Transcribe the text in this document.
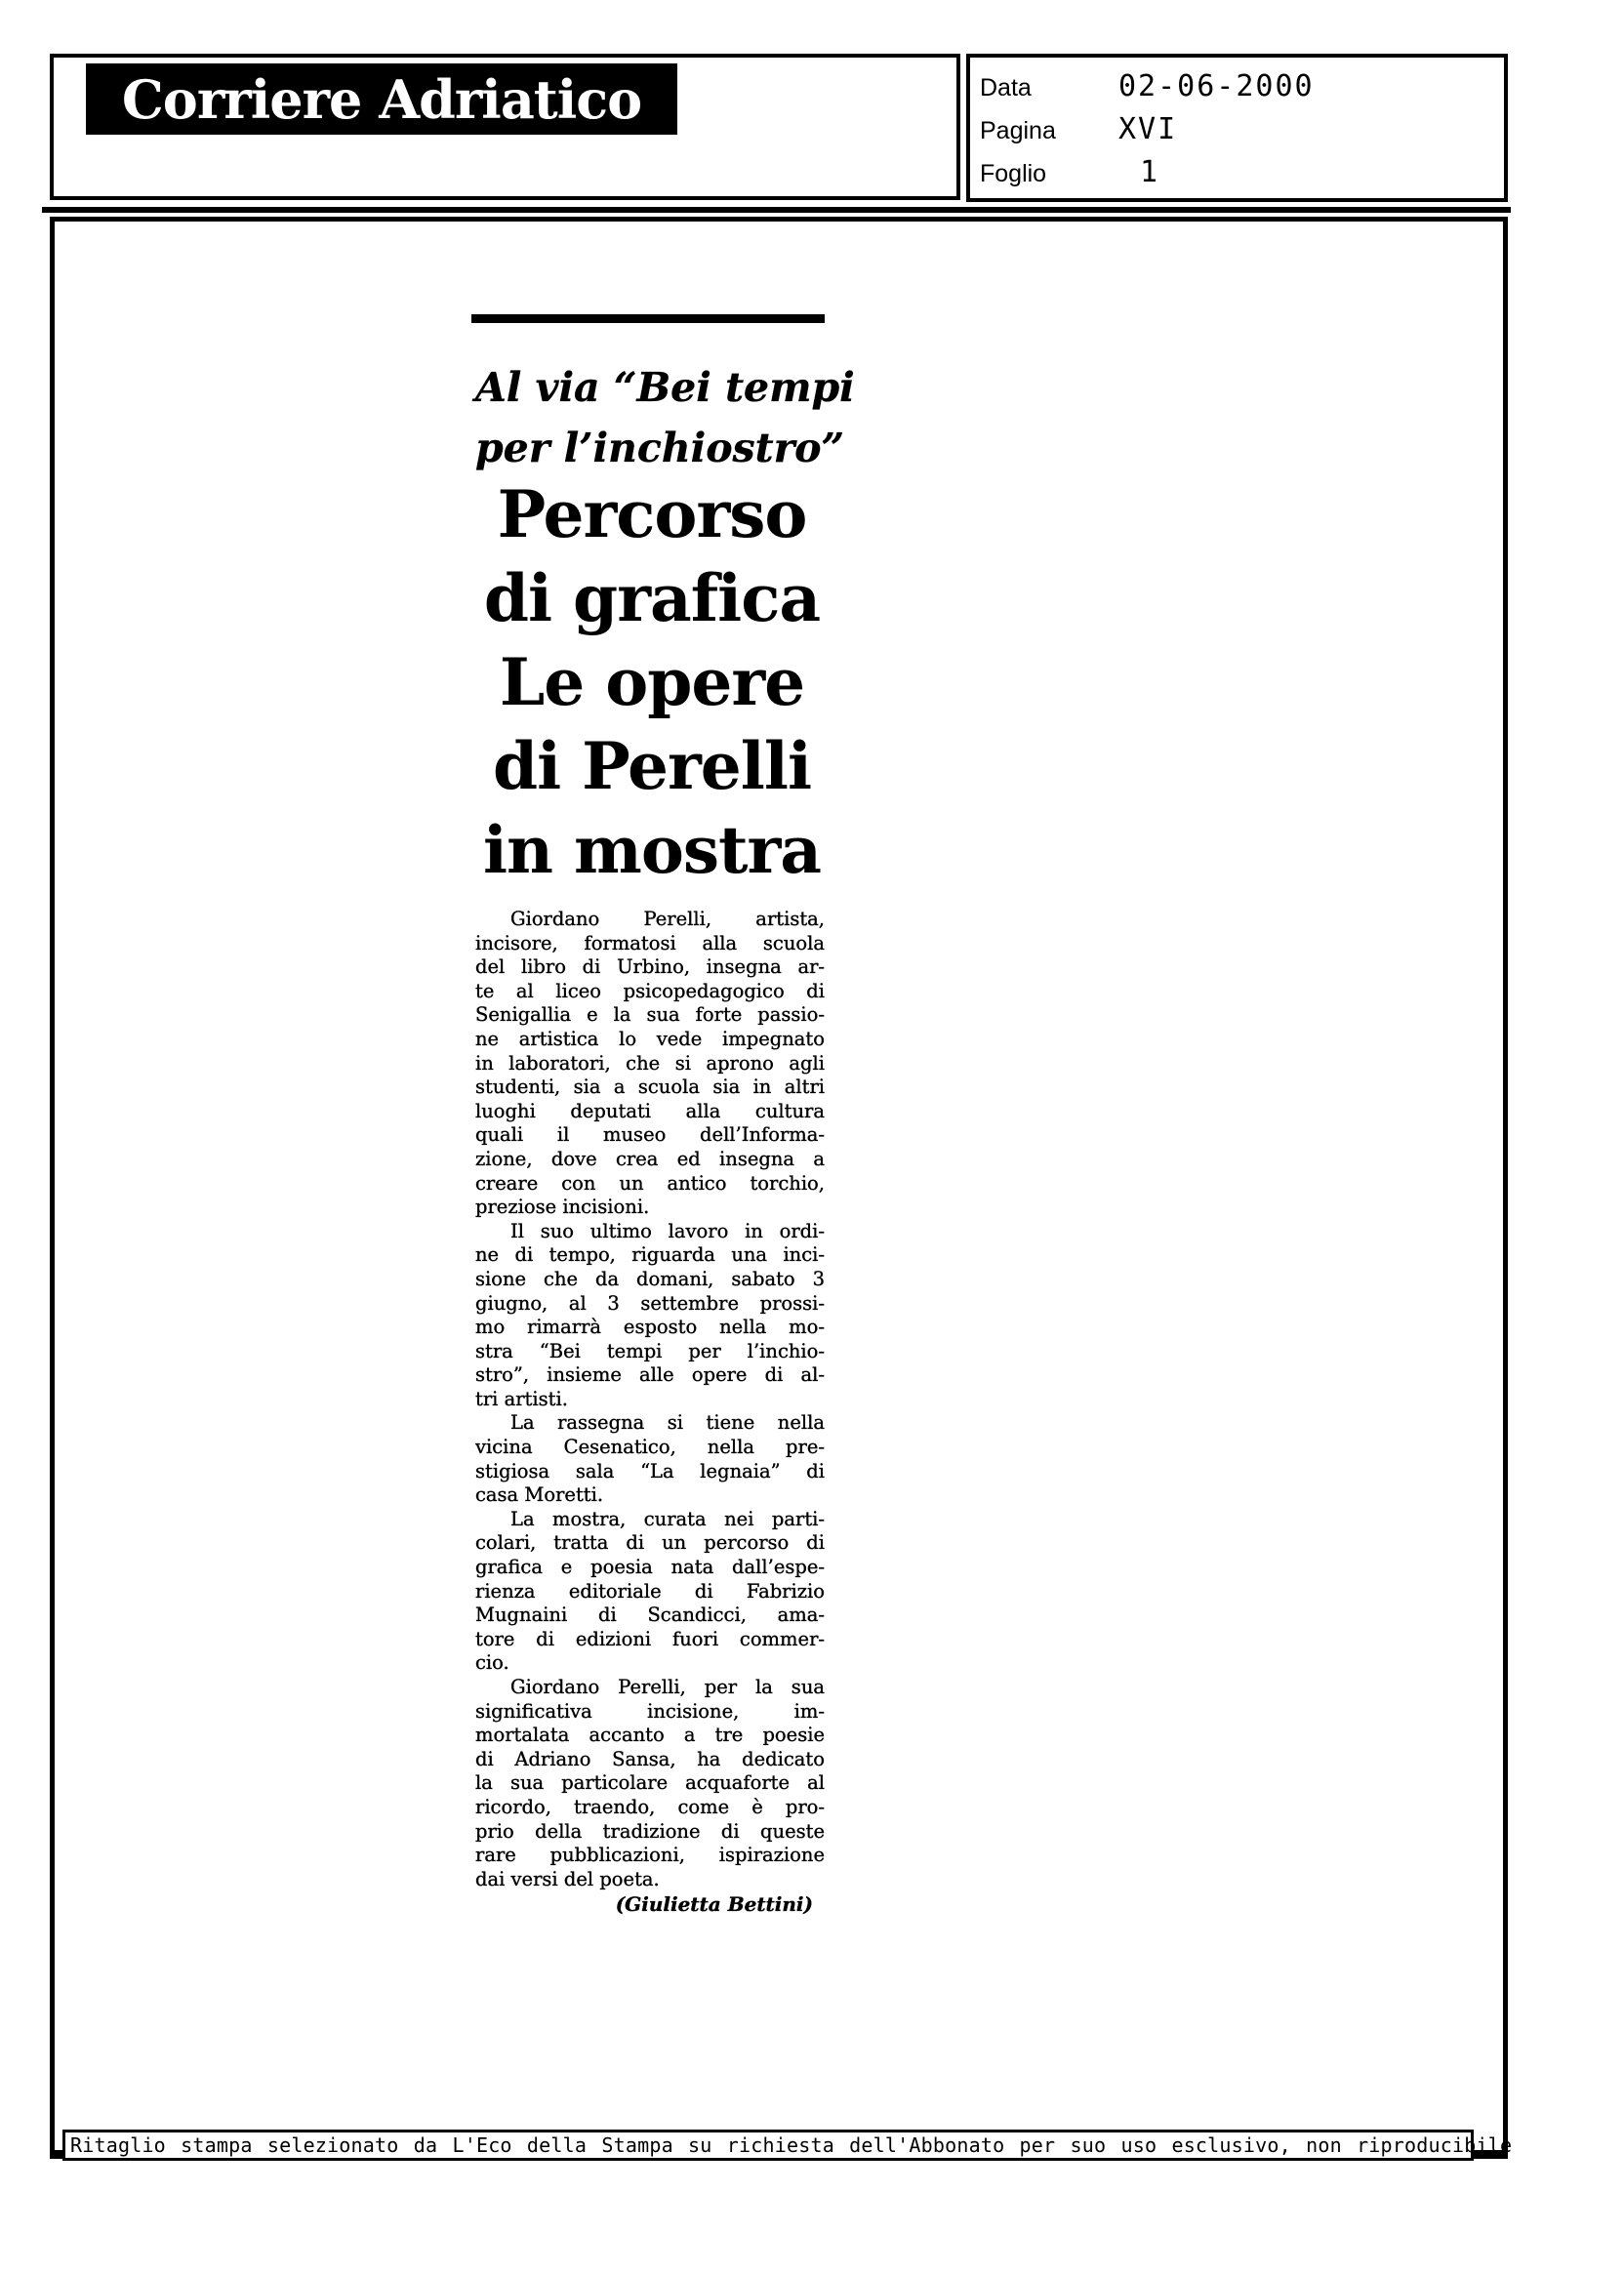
Corriere Adriatico	Data	02-06-2000
Pagina	XVI
Foglio	1
Al via “Bei tempi
per l’inchiostro”
Percorso
di grafica
Le opere
di Perelli
in mostra
Giordano Perelli, artista,
incisore, formatosi alla scuola
del libro di Urbino, insegna ar-
te al liceo psicopedagogico di
Senigallia e la sua forte passio-
ne artistica lo vede impegnato
in laboratori, che si aprono agli
studenti, sia a scuola sia in altri
luoghi deputati alla cultura
quali il museo dell’Informa-
zione, dove crea ed insegna a
creare con un antico torchio,
preziose incisioni.
Il suo ultimo lavoro in ordi-
ne di tempo, riguarda una inci-
sione che da domani, sabato 3
giugno, al 3 settembre prossi-
mo rimarrà esposto nella mo-
stra “Bei tempi per l’inchio-
stro”, insieme alle opere di al-
tri artisti.
La rassegna si tiene nella
vicina Cesenatico, nella pre-
stigiosa sala “La legnaia” di
casa Moretti.
La mostra, curata nei parti-
colari, tratta di un percorso di
grafica e poesia nata dall’espe-
rienza editoriale di Fabrizio
Mugnaini di Scandicci, ama-
tore di edizioni fuori commer-
cio.
Giordano Perelli, per la sua
significativa incisione, im-
mortalata accanto a tre poesie
di Adriano Sansa, ha dedicato
la sua particolare acquaforte al
ricordo, traendo, come è pro-
prio della tradizione di queste
rare pubblicazioni, ispirazione
dai versi del poeta.
(Giulietta Bettini)
Ritaglio stampa selezionato da L'Eco della Stampa su richiesta dell'Abbonato per suo uso esclusivo, non riproducibile
